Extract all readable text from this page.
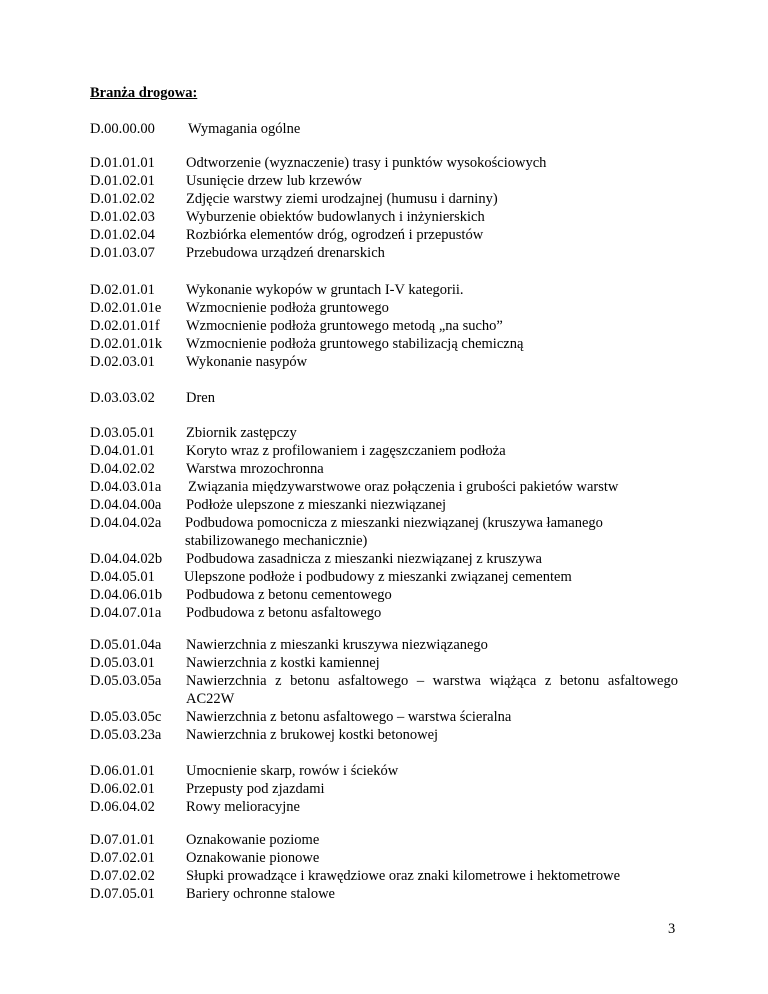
Branża drogowa:
D.00.00.00 Wymagania ogólne
D.01.01.01 Odtworzenie (wyznaczenie) trasy i punktów wysokościowych
D.01.02.01 Usunięcie drzew lub krzewów
D.01.02.02 Zdjęcie warstwy ziemi urodzajnej (humusu i darniny)
D.01.02.03 Wyburzenie obiektów budowlanych i inżynierskich
D.01.02.04 Rozbiórka elementów dróg, ogrodzeń i przepustów
D.01.03.07 Przebudowa urządzeń drenarskich
D.02.01.01 Wykonanie wykopów w gruntach I-V kategorii.
D.02.01.01e Wzmocnienie podłoża gruntowego
D.02.01.01f Wzmocnienie podłoża gruntowego metodą „na sucho”
D.02.01.01k Wzmocnienie podłoża gruntowego stabilizacją chemiczną
D.02.03.01 Wykonanie nasypów
D.03.03.02 Dren
D.03.05.01 Zbiornik zastępczy
D.04.01.01 Koryto wraz z profilowaniem i zagęszczaniem podłoża
D.04.02.02 Warstwa mrozochronna
D.04.03.01a Związania międzywarstwowe oraz połączenia i grubości pakietów warstw
D.04.04.00a Podłoże ulepszone z mieszanki niezwiązanej
D.04.04.02a Podbudowa pomocnicza z mieszanki niezwiązanej (kruszywa łamanego stabilizowanego mechanicznie)
D.04.04.02b Podbudowa zasadnicza z mieszanki niezwiązanej z kruszywa
D.04.05.01 Ulepszone podłoże i podbudowy z mieszanki związanej cementem
D.04.06.01b Podbudowa z betonu cementowego
D.04.07.01a Podbudowa z betonu asfaltowego
D.05.01.04a Nawierzchnia z mieszanki kruszywa niezwiązanego
D.05.03.01 Nawierzchnia z kostki kamiennej
D.05.03.05a Nawierzchnia z betonu asfaltowego – warstwa wiążąca z betonu asfaltowego AC22W
D.05.03.05c Nawierzchnia z betonu asfaltowego – warstwa ścieralna
D.05.03.23a Nawierzchnia z brukowej kostki betonowej
D.06.01.01 Umocnienie skarp, rowów i ścieków
D.06.02.01 Przepusty pod zjazdami
D.06.04.02 Rowy melioracyjne
D.07.01.01 Oznakowanie poziome
D.07.02.01 Oznakowanie pionowe
D.07.02.02 Słupki prowadzące i krawędziowe oraz znaki kilometrowe i hektometrowe
D.07.05.01 Bariery ochronne stalowe
3
